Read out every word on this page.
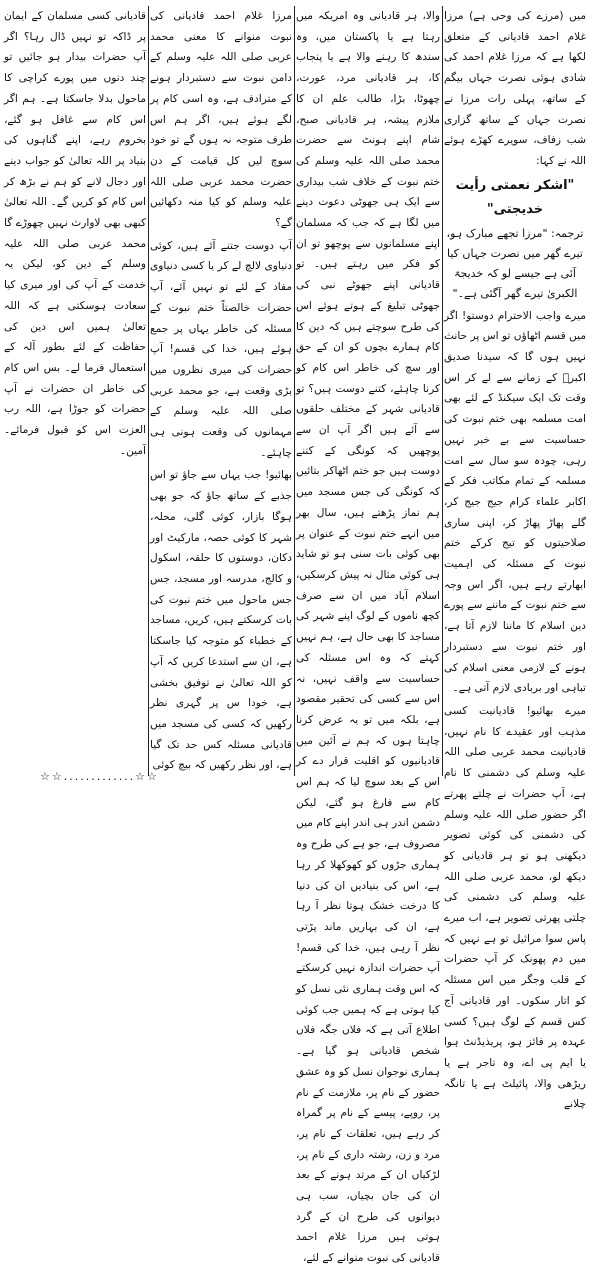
میں (مرزے کی وحی ہے) مرزا غلام احمد قادیانی کے متعلق لکھا ہے کہ مرزا غلام احمد کی شادی ہوئی نصرت جہاں بیگم کے ساتھ، پہلی رات مرزا نے نصرت جہاں کے ساتھ گزاری شب زفاف، سویرے کھڑے ہوئے اللہ نے کہا:

"اشکر نعمتی رأیت خدیجتی"

ترجمہ: "مرزا تجھے مبارک ہو، تیرے گھر میں نصرت جہاں کیا آئی ہے جیسے لو کہ خدیجۃ الکبریٰ تیرے گھر آگئی ہے۔"

میرے واجب الاحترام دوستو! اگر میں قسم اٹھاؤں تو اس پر حانث نہیں ہوں گا کہ سیدنا صدیق اکبرؓ کے زمانے سے لے کر اس وقت تک ایک سیکنڈ کے لئے بھی امت مسلمہ بھی ختم نبوت کی حساسیت سے بے خبر نہیں رہی، چودہ سو سال سے امت مسلمہ کے تمام مکاتب فکر کے اکابر علماء کرام جیج جیج کر، گلے پھاڑ پھاڑ کر، اپنی ساری صلاحیتوں کو تیج کرکے ختم نبوت کے مسئلہ کی اہمیت ابھارتے رہے ہیں، اگر اس وجہ سے ختم نبوت کے ماننے سے پورے دین اسلام کا ماننا لازم آتا ہے، اور ختم نبوت سے دستبردار ہونے کے لازمی معنی اسلام کی تباہی اور بربادی لازم آتی ہے۔

میرے بھائیو! قادیانیت کسی مذہب اور عقیدے کا نام نہیں، قادیانیت محمد عربی صلی اللہ علیہ وسلم کی دشمنی کا نام ہے، آپ حضرات نے چلتے پھرتے اگر حضور صلی اللہ علیہ وسلم کی دشمنی کی کوئی تصویر دیکھنی ہو تو ہر قادیانی کو دیکھ لو، محمد عربی صلی اللہ علیہ وسلم کی دشمنی کی چلتی پھرتی تصویر ہے، اب میرے پاس سوا مراثیل تو ہے نہیں کہ میں دم پھونک کر آپ حضرات کے قلب وجگر میں اس مسئلہ کو اتار سکوں۔ اور قادیانی آج کس قسم کے لوگ ہیں؟ کسی عہدہ پر فائز ہو، پریذیڈنٹ ہوا یا ایم پی اے، وہ تاجر ہے یا ریڑھی والا، پائیلٹ ہے یا تانگہ چلانے

والا، ہر قادیانی وہ امریکہ میں رہتا ہے یا پاکستان میں، وہ سندھ کا رہنے والا ہے یا پنجاب کا، ہر قادیانی مرد، عورت، چھوٹا، بڑا، طالب علم ان کا ملازم پیشہ، ہر قادیانی صبح، شام اپنے ہونٹ سے حضرت محمد صلی اللہ علیہ وسلم کی ختم نبوت کے خلاف شب بیداری سے ایک ہی جھوٹی دعوت دینے میں لگا ہے کہ جب کہ مسلمان اپنے مسلمانوں سے پوچھو تو ان کو فکر میں رہتے ہیں۔ تو قادیانی اپنے جھوٹے نبی کی جھوٹی تبلیغ کے ہوتے ہوئے اس کی طرح سوچتے ہیں کہ دین کا کام ہمارے بچوں کو ان کے حق اور سچ کی خاطر اس کام کو کرنا چاہئے، کتنے دوست ہیں؟ تو قادیانی شہر کے مختلف حلقوں سے آئے ہیں اگر آپ ان سے پوچھیں کہ کونگی کے کتنے دوست ہیں جو ختم اٹھاکر بتائیں کہ کونگی کی جس مسجد میں ہم نماز پڑھتے ہیں، سال بھر میں انہے ختم نبوت کے عنوان پر بھی کوئی بات سنی ہو تو شاید ہی کوئی مثال نہ پیش کرسکیں، اسلام آباد میں ان سے صرف کچھ ناموں کے لوگ اپنے شہر کی مساجد کا بھی حال ہے، ہم نہیں کہتے کہ وہ اس مسئلہ کی حساسیت سے واقف نہیں، نہ اس سے کسی کی تحقیر مقصود ہے، بلکہ میں تو یہ عرض کرنا چاہتا ہوں کہ ہم نے آئین میں قادیانیوں کو اقلیت قرار دے کر اس کے بعد سوچ لیا کہ ہم اس کام سے فارغ ہو گئے، لیکن دشمن اندر ہی اندر اپنے کام میں مصروف ہے، جو ہے کی طرح وہ ہماری جڑوں کو کھوکھلا کر رہا ہے، اس کی بنیادیں ان کی دنیا کا درخت خشک ہوتا نظر آ رہا ہے، ان کی بہاریں ماند پڑتی نظر آ رہی ہیں، خدا کی قسم! آپ حضرات اندازہ نہیں کرسکتے کہ اس وقت ہماری نئی نسل کو کیا ہوتی ہے کہ ہمیں جب کوئی اطلاع آتی ہے کہ فلاں جگہ فلاں شخص قادیانی ہو گیا ہے۔ ہماری نوجوان نسل کو وہ عشق حضور کے نام پر، ملازمت کے نام پر، روپے، پیسے کے نام پر گمراہ کر رہے ہیں، تعلقات کے نام پر، مرد و زن، رشتہ داری کے نام پر، لڑکیاں ان کے مرتد ہونے کے بعد ان کی جان بچیاں، سب ہی دیوانوں کی طرح ان کے گرد ہوتی ہیں مرزا غلام احمد قادیانی کی نبوت منوانے کے لئے،

مرزا غلام احمد قادیانی کی نبوت منوانے کا معنی محمد عربی صلی اللہ علیہ وسلم کے دامن نبوت سے دستبردار ہونے کے مترادف ہے، وہ اسی کام پر لگے ہوئے ہیں، اگر ہم اس طرف متوجہ نہ ہوں گے تو خود سوچ لیں کل قیامت کے دن حضرت محمد عربی صلی اللہ علیہ وسلم کو کیا منہ دکھائیں گے؟

آپ دوست جتنے آئے ہیں، کوئی دنیاوی لالچ لے کر یا کسی دنیاوی مفاد کے لئے تو نہیں آئے، آپ حضرات خالصتاً ختم نبوت کے مسئلہ کی خاطر یہاں پر جمع ہوئے ہیں، خدا کی قسم! آپ حضرات کی میری نظروں میں بڑی وقعت ہے، جو محمد عربی صلی اللہ علیہ وسلم کے مہمانوں کی وقعت ہونی ہی چاہئے۔

بھائیو! جب یہاں سے جاؤ تو اس جذبے کے ساتھ جاؤ کہ جو بھی ہوگا بازار، کوئی گلی، محلہ، شہر کا کوئی حصہ، مارکیٹ اور دکان، دوستوں کا حلقہ، اسکول و کالج، مدرسہ اور مسجد، جس جس ماحول میں ختم نبوت کی بات کرسکتے ہیں، کریں، مساجد کے خطباء کو متوجہ کیا جاسکتا ہے، ان سے استدعا کریں کہ آپ کو اللہ تعالیٰ نے توفیق بخشی ہے، خودا س پر گہری نظر رکھیں کہ کسی کی مسجد میں قادیانی مسئلہ کس حد تک گیا ہے، اور نظر رکھیں کہ بیچ کوئی

قادیانی کسی مسلمان کے ایمان پر ڈاکہ تو نہیں ڈال رہا؟ اگر آپ حضرات بیدار ہو جائیں تو چند دنوں میں پورے کراچی کا ماحول بدلا جاسکتا ہے۔ ہم اگر اس کام سے غافل ہو گئے، بخروم رہے، اپنے گناہوں کی بنیاد پر اللہ تعالیٰ کو جواب دینے اور دجال لانے کو ہم نے بڑھ کر اس کام کو کریں گے۔ اللہ تعالیٰ کبھی بھی لاوارث نہیں چھوڑے گا محمد عربی صلی اللہ علیہ وسلم کے دین کو، لیکن یہ خدمت کے آپ کی اور میری کیا سعادت ہوسکتی ہے کہ اللہ تعالیٰ ہمیں اس دین کی حفاظت کے لئے بطور آلہ کے استعمال فرما لے۔ بس اس کام کی خاطر ان حضرات نے آپ حضرات کو جوڑا ہے، اللہ رب العزت اس کو قبول فرمائے۔ آمین۔

☆☆.............☆☆
